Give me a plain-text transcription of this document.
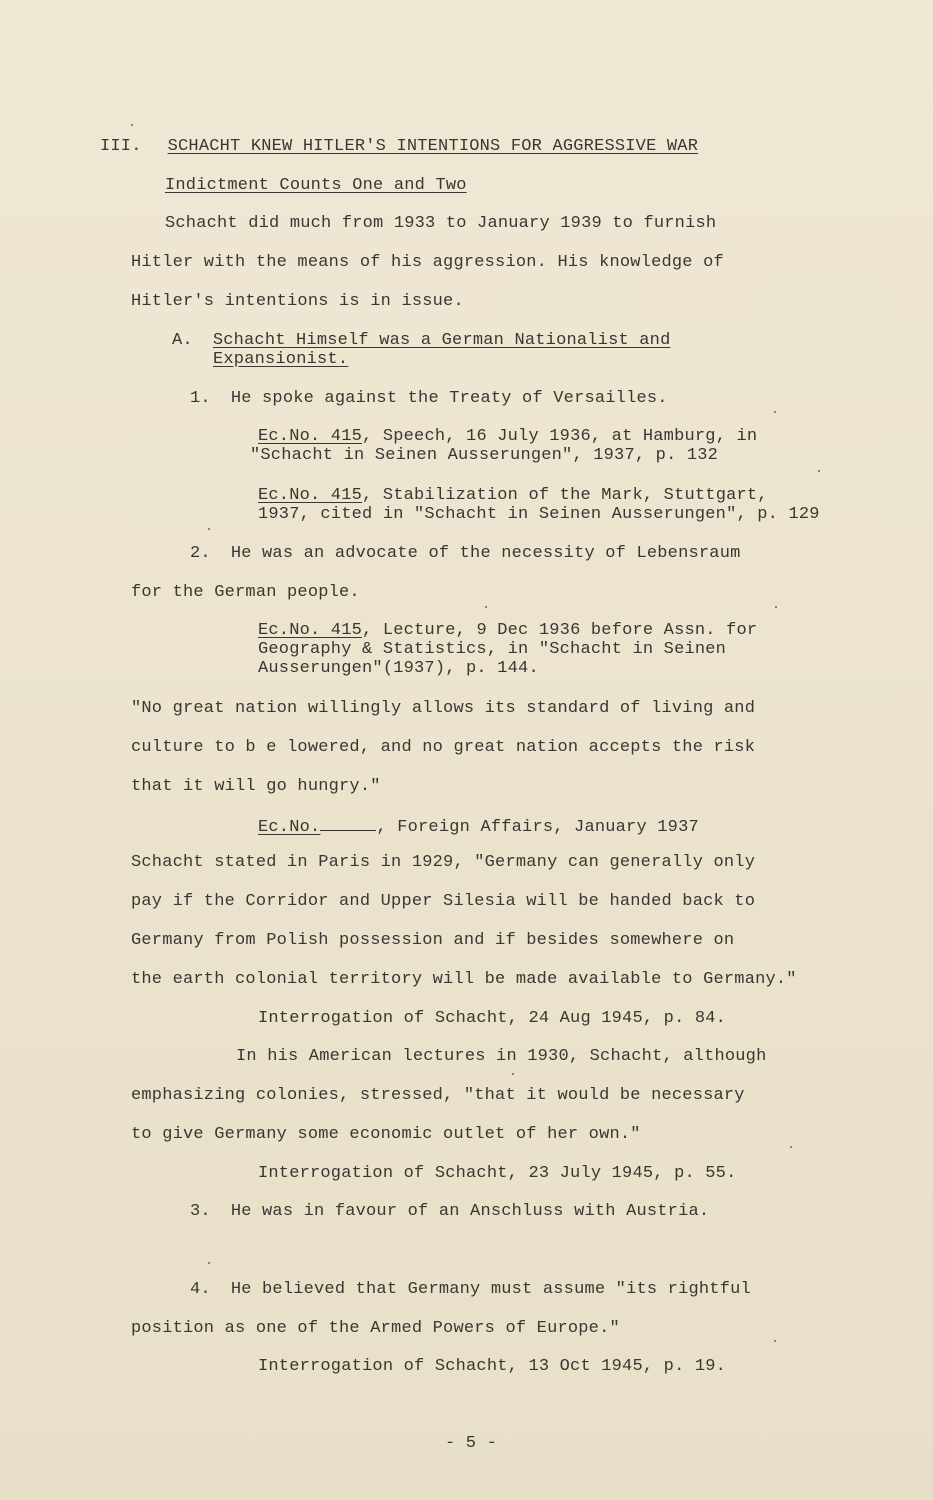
III. SCHACHT KNEW HITLER'S INTENTIONS FOR AGGRESSIVE WAR
Indictment Counts One and Two
Schacht did much from 1933 to January 1939 to furnish
Hitler with the means of his aggression. His knowledge of
Hitler's intentions is in issue.
A. Schacht Himself was a German Nationalist and
Expansionist.
1. He spoke against the Treaty of Versailles.
Ec.No. 415, Speech, 16 July 1936, at Hamburg, in
"Schacht in Seinen Ausserungen", 1937, p. 132
Ec.No. 415, Stabilization of the Mark, Stuttgart,
1937, cited in "Schacht in Seinen Ausserungen", p. 129
2. He was an advocate of the necessity of Lebensraum
for the German people.
Ec.No. 415, Lecture, 9 Dec 1936 before Assn. for
Geography & Statistics, in "Schacht in Seinen
Ausserungen"(1937), p. 144.
"No great nation willingly allows its standard of living and
culture to b e lowered, and no great nation accepts the risk
that it will go hungry."
Ec.No.	, Foreign Affairs, January 1937
Schacht stated in Paris in 1929, "Germany can generally only
pay if the Corridor and Upper Silesia will be handed back to
Germany from Polish possession and if besides somewhere on
the earth colonial territory will be made available to Germany."
Interrogation of Schacht, 24 Aug 1945, p. 84.
In his American lectures in 1930, Schacht, although
emphasizing colonies, stressed, "that it would be necessary
to give Germany some economic outlet of her own."
Interrogation of Schacht, 23 July 1945, p. 55.
3. He was in favour of an Anschluss with Austria.
4. He believed that Germany must assume "its rightful
position as one of the Armed Powers of Europe."
Interrogation of Schacht, 13 Oct 1945, p. 19.
- 5 -
